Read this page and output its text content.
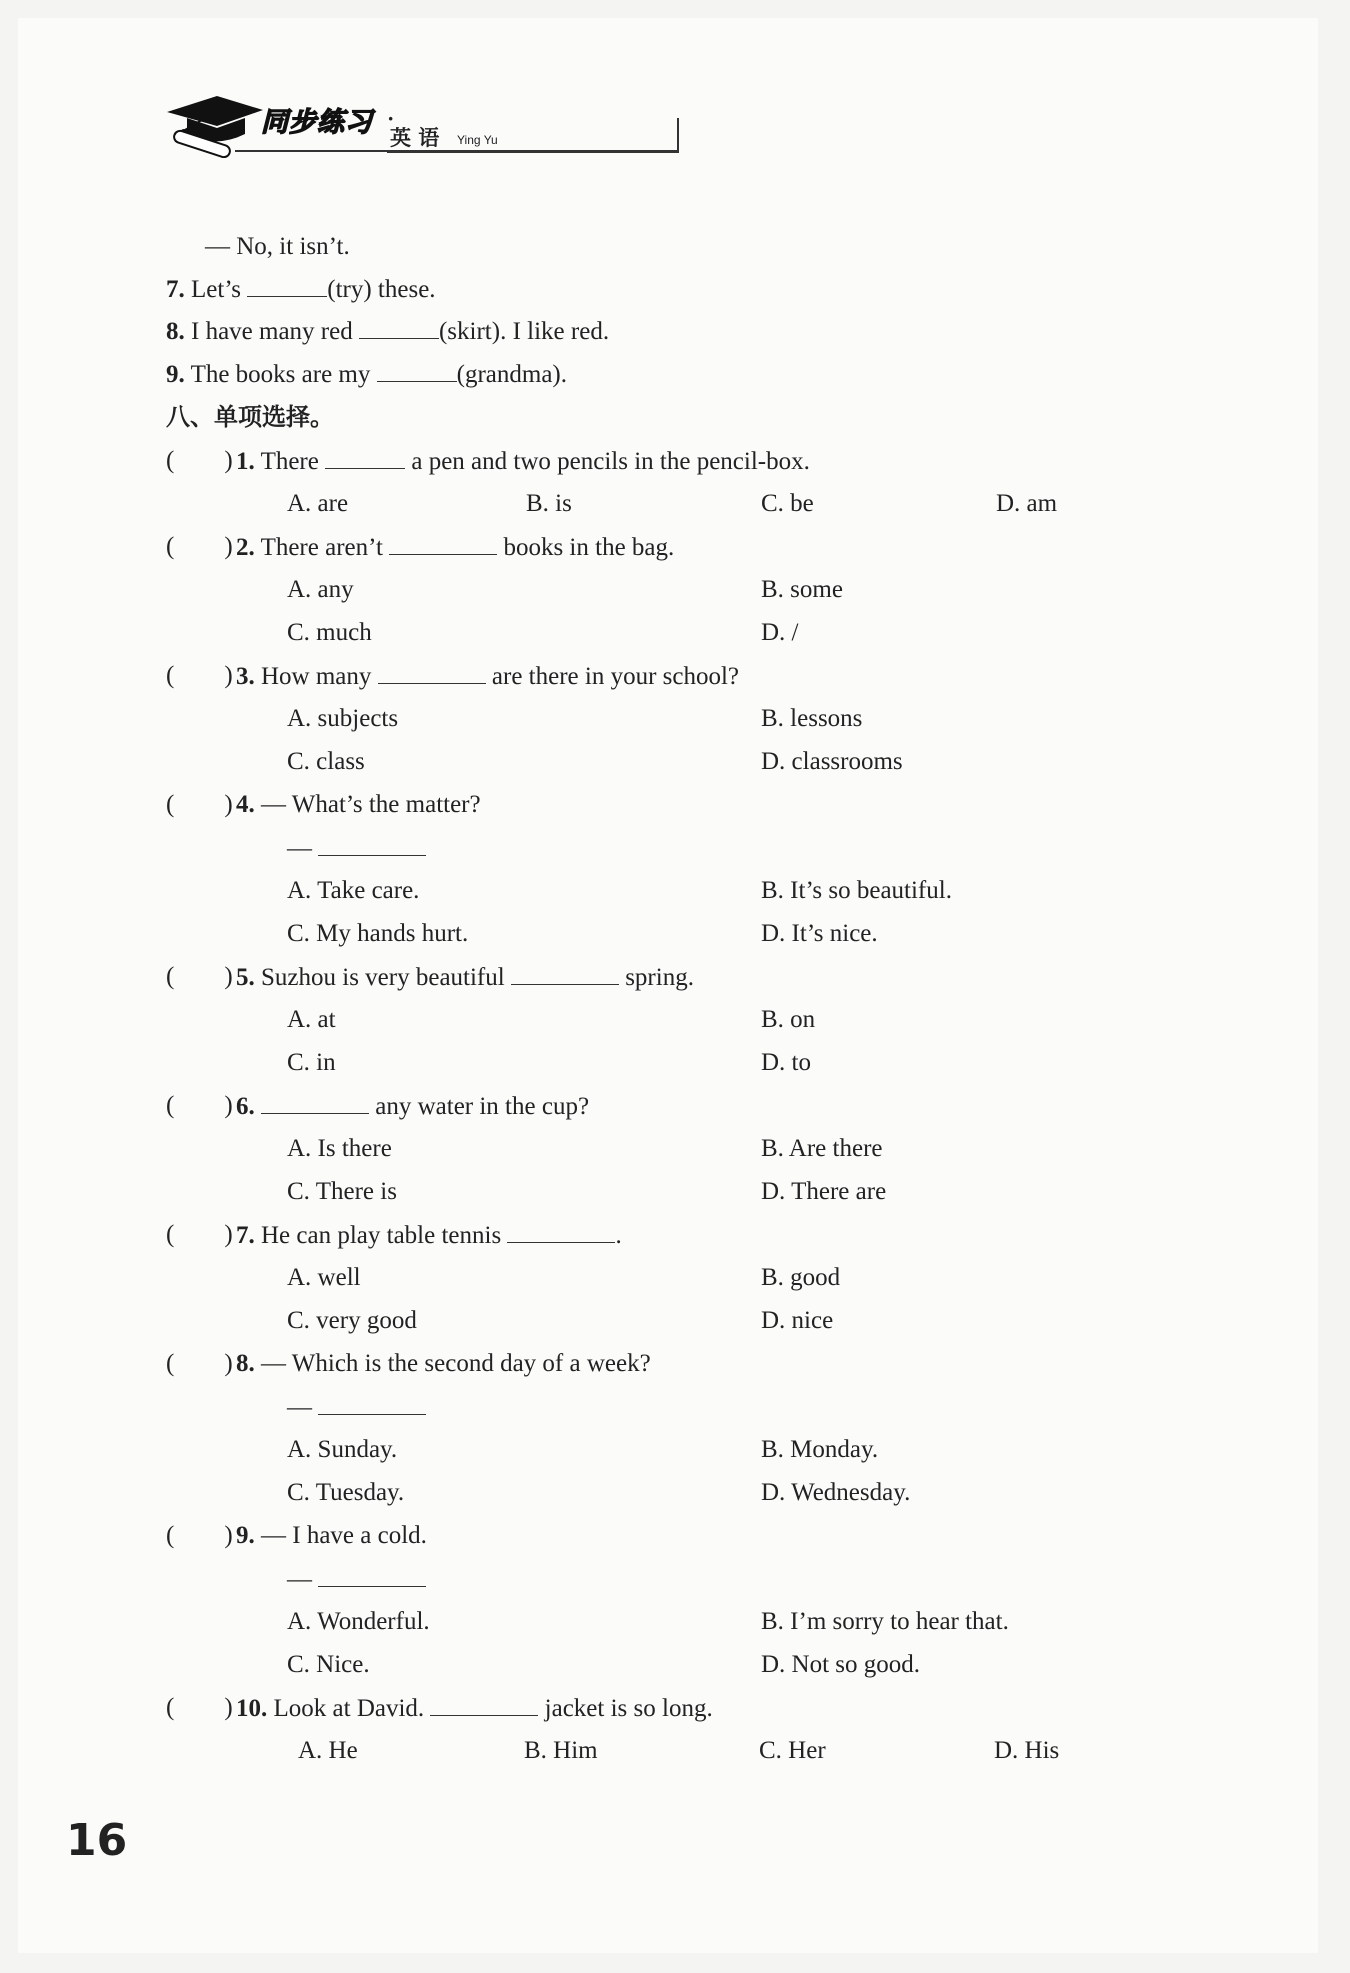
同步练习 ·
英 语 Ying Yu
— No, it isn’t.
7. Let’s	(try) these.
8. I have many red	(skirt). I like red.
9. The books are my	(grandma).
八、单项选择。
(　　) 1. There	a pen and two pencils in the pencil-box.
A. are	B. is	C. be	D. am
(　　) 2. There aren’t	books in the bag.
A. any	B. some
C. much	D. /
(　　) 3. How many	are there in your school?
A. subjects	B. lessons
C. class	D. classrooms
(　　) 4. — What’s the matter?
—
A. Take care.	B. It’s so beautiful.
C. My hands hurt.	D. It’s nice.
(　　) 5. Suzhou is very beautiful	spring.
A. at	B. on
C. in	D. to
(　　) 6.	any water in the cup?
A. Is there	B. Are there
C. There is	D. There are
(　　) 7. He can play table tennis	.
A. well	B. good
C. very good	D. nice
(　　) 8. — Which is the second day of a week?
—
A. Sunday.	B. Monday.
C. Tuesday.	D. Wednesday.
(　　) 9. — I have a cold.
—
A. Wonderful.	B. I’m sorry to hear that.
C. Nice.	D. Not so good.
(　　) 10. Look at David.	jacket is so long.
A. He	B. Him	C. Her	D. His
16
